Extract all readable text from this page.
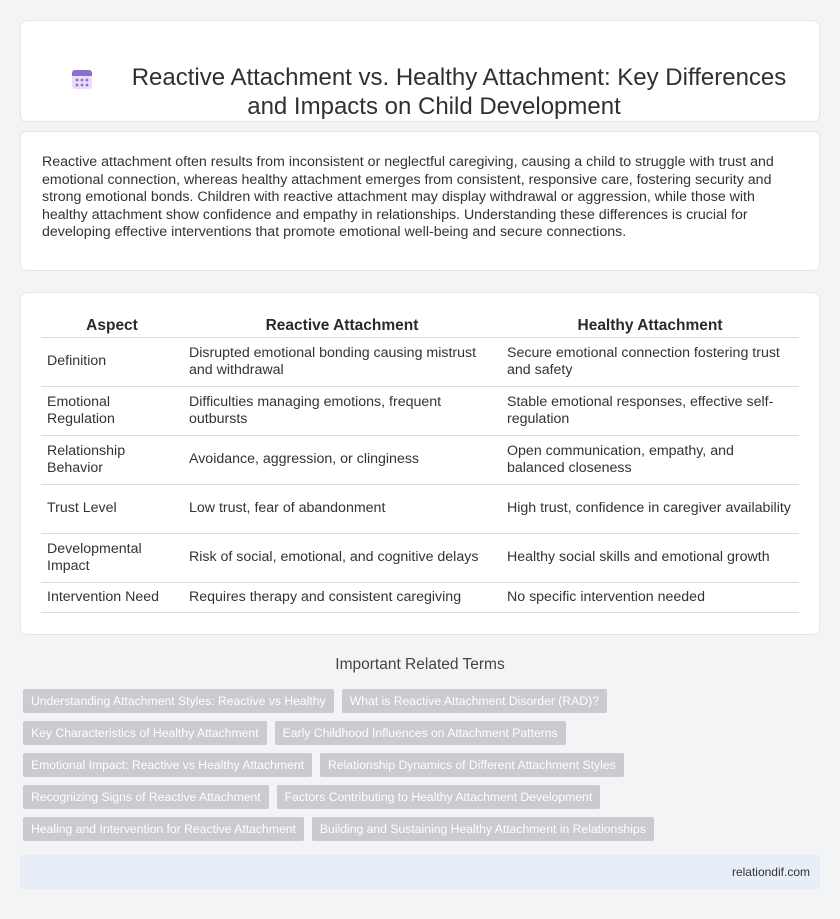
Reactive Attachment vs. Healthy Attachment: Key Differences and Impacts on Child Development

Reactive attachment often results from inconsistent or neglectful caregiving, causing a child to struggle with trust and emotional connection, whereas healthy attachment emerges from consistent, responsive care, fostering security and strong emotional bonds. Children with reactive attachment may display withdrawal or aggression, while those with healthy attachment show confidence and empathy in relationships. Understanding these differences is crucial for developing effective interventions that promote emotional well-being and secure connections.

Aspect	Reactive Attachment	Healthy Attachment
Definition	Disrupted emotional bonding causing mistrust and withdrawal	Secure emotional connection fostering trust and safety
Emotional Regulation	Difficulties managing emotions, frequent outbursts	Stable emotional responses, effective self-regulation
Relationship Behavior	Avoidance, aggression, or clinginess	Open communication, empathy, and balanced closeness
Trust Level	Low trust, fear of abandonment	High trust, confidence in caregiver availability
Developmental Impact	Risk of social, emotional, and cognitive delays	Healthy social skills and emotional growth
Intervention Need	Requires therapy and consistent caregiving	No specific intervention needed
Important Related Terms
Understanding Attachment Styles: Reactive vs Healthy	What is Reactive Attachment Disorder (RAD)?
Key Characteristics of Healthy Attachment	Early Childhood Influences on Attachment Patterns
Emotional Impact: Reactive vs Healthy Attachment	Relationship Dynamics of Different Attachment Styles
Recognizing Signs of Reactive Attachment	Factors Contributing to Healthy Attachment Development
Healing and Intervention for Reactive Attachment	Building and Sustaining Healthy Attachment in Relationships
relationdif.com
